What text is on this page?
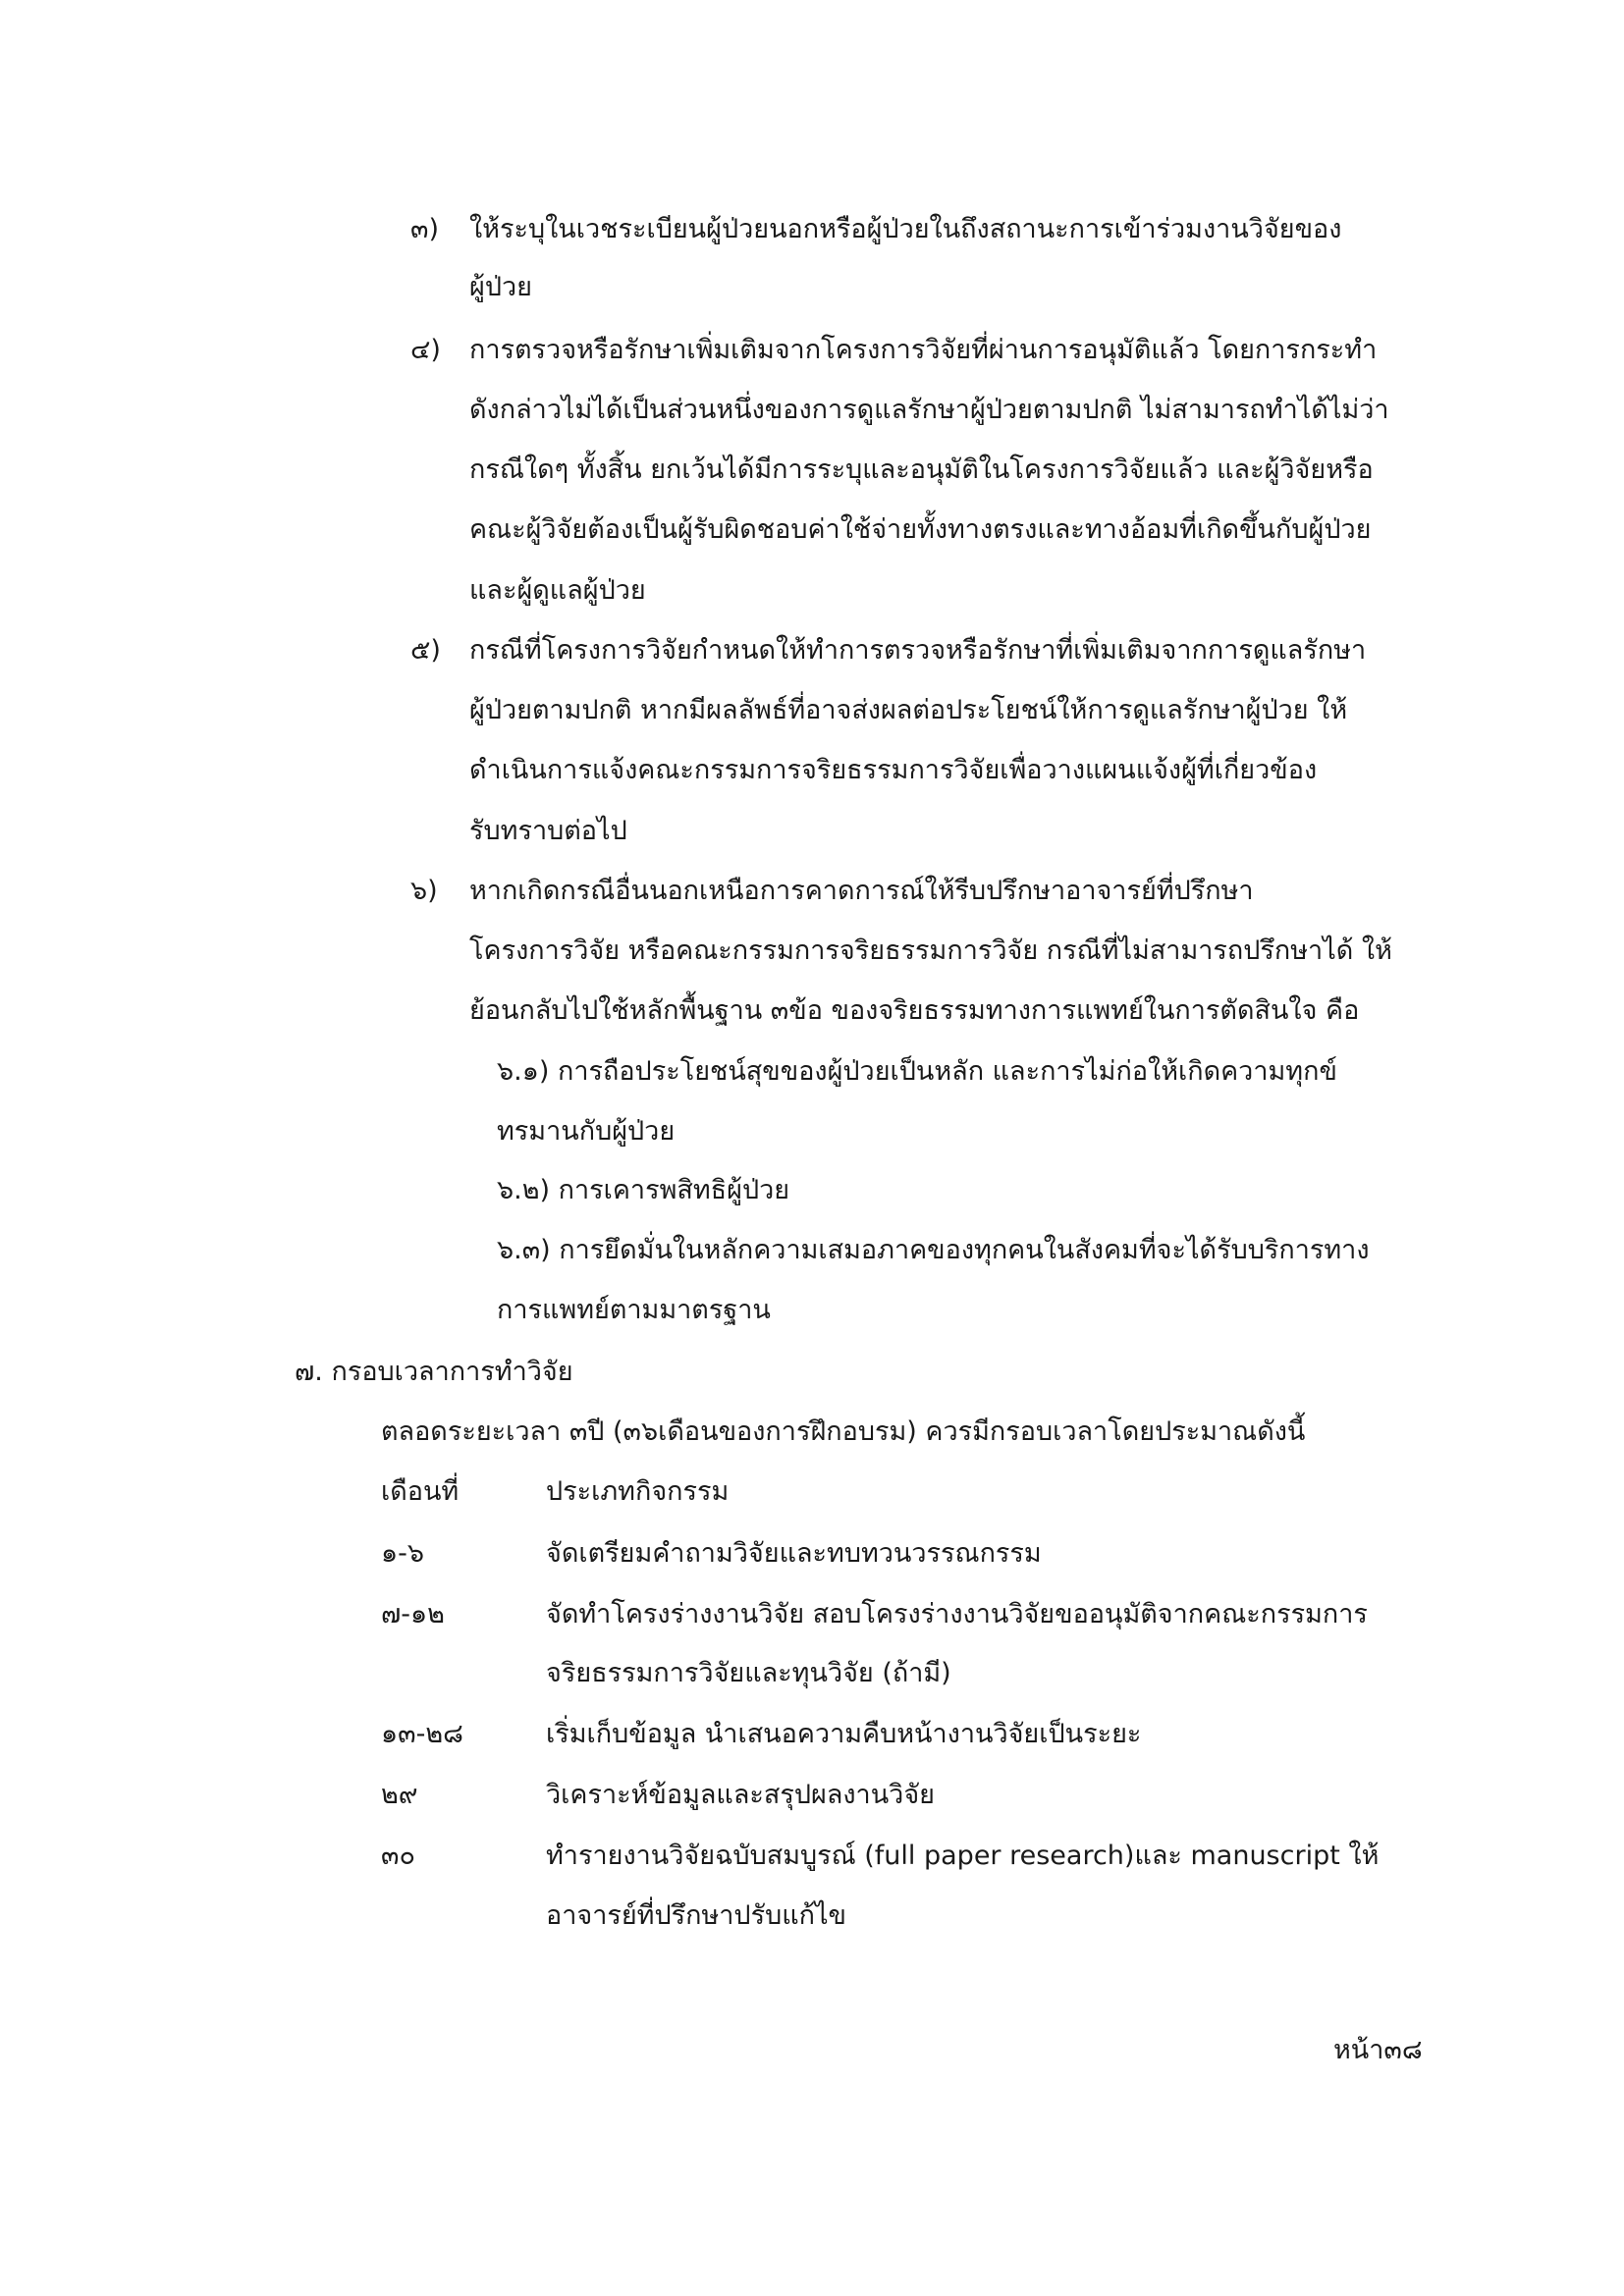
๓) ให้ระบุในเวชระเบียนผู้ป่วยนอกหรือผู้ป่วยในถึงสถานะการเข้าร่วมงานวิจัยของ
ผู้ป่วย
๔) การตรวจหรือรักษาเพิ่มเติมจากโครงการวิจัยที่ผ่านการอนุมัติแล้ว โดยการกระทำ
ดังกล่าวไม่ได้เป็นส่วนหนึ่งของการดูแลรักษาผู้ป่วยตามปกติ ไม่สามารถทำได้ไม่ว่า
กรณีใดๆ ทั้งสิ้น ยกเว้นได้มีการระบุและอนุมัติในโครงการวิจัยแล้ว และผู้วิจัยหรือ
คณะผู้วิจัยต้องเป็นผู้รับผิดชอบค่าใช้จ่ายทั้งทางตรงและทางอ้อมที่เกิดขึ้นกับผู้ป่วย
และผู้ดูแลผู้ป่วย
๕) กรณีที่โครงการวิจัยกำหนดให้ทำการตรวจหรือรักษาที่เพิ่มเติมจากการดูแลรักษา
ผู้ป่วยตามปกติ หากมีผลลัพธ์ที่อาจส่งผลต่อประโยชน์ให้การดูแลรักษาผู้ป่วย ให้
ดำเนินการแจ้งคณะกรรมการจริยธรรมการวิจัยเพื่อวางแผนแจ้งผู้ที่เกี่ยวข้อง
รับทราบต่อไป
๖) หากเกิดกรณีอื่นนอกเหนือการคาดการณ์ให้รีบปรึกษาอาจารย์ที่ปรึกษา
โครงการวิจัย หรือคณะกรรมการจริยธรรมการวิจัย กรณีที่ไม่สามารถปรึกษาได้ ให้
ย้อนกลับไปใช้หลักพื้นฐาน ๓ข้อ ของจริยธรรมทางการแพทย์ในการตัดสินใจ คือ
๖.๑) การถือประโยชน์สุขของผู้ป่วยเป็นหลัก และการไม่ก่อให้เกิดความทุกข์
ทรมานกับผู้ป่วย
๖.๒) การเคารพสิทธิผู้ป่วย
๖.๓) การยึดมั่นในหลักความเสมอภาคของทุกคนในสังคมที่จะได้รับบริการทาง
การแพทย์ตามมาตรฐาน
๗. กรอบเวลาการทำวิจัย
ตลอดระยะเวลา ๓ปี (๓๖เดือนของการฝึกอบรม) ควรมีกรอบเวลาโดยประมาณดังนี้
เดือนที่	ประเภทกิจกรรม
๑-๖	จัดเตรียมคำถามวิจัยและทบทวนวรรณกรรม
๗-๑๒	จัดทำโครงร่างงานวิจัย สอบโครงร่างงานวิจัยขออนุมัติจากคณะกรรมการ
จริยธรรมการวิจัยและทุนวิจัย (ถ้ามี)
๑๓-๒๘	เริ่มเก็บข้อมูล นำเสนอความคืบหน้างานวิจัยเป็นระยะ
๒๙	วิเคราะห์ข้อมูลและสรุปผลงานวิจัย
๓๐	ทำรายงานวิจัยฉบับสมบูรณ์ (full paper research)และ manuscript ให้
อาจารย์ที่ปรึกษาปรับแก้ไข
หน้า๓๘
